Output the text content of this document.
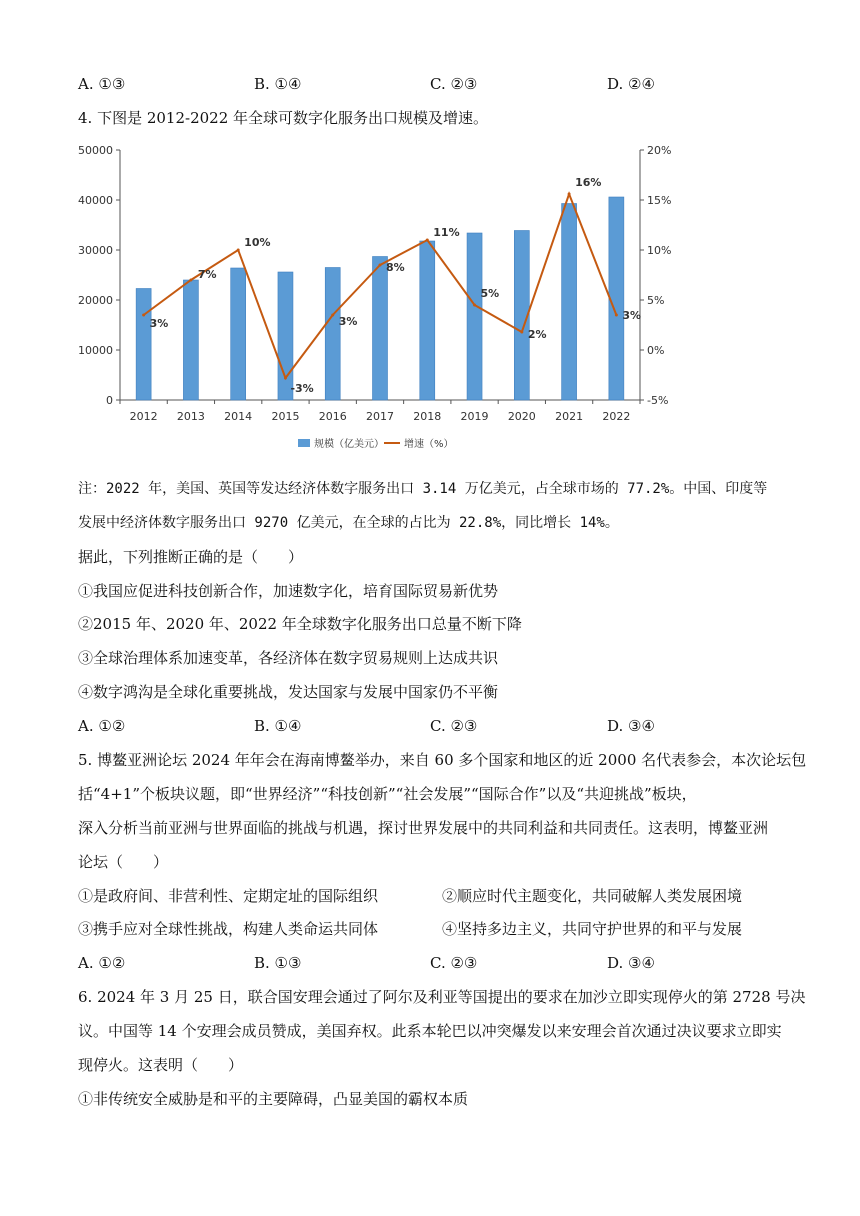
A. ①③	B. ①④	C. ②③	D. ②④
4. 下图是 2012-2022 年全球可数字化服务出口规模及增速。
0
10000
20000
30000
40000
50000
-5%
0%
5%
10%
15%
20%
3%
7%
10%
-3%
3%
8%
11%
5%
2%
16%
3%
2012 2013 2014 2015 2016 2017 2018 2019 2020 2021 2022
规模（亿美元） 增速（%）
注：2022 年，美国、英国等发达经济体数字服务出口 3.14 万亿美元，占全球市场的 77.2%。中国、印度等
发展中经济体数字服务出口 9270 亿美元，在全球的占比为 22.8%，同比增长 14%。
据此，下列推断正确的是（　　）
①我国应促进科技创新合作，加速数字化，培育国际贸易新优势
②2015 年、2020 年、2022 年全球数字化服务出口总量不断下降
③全球治理体系加速变革，各经济体在数字贸易规则上达成共识
④数字鸿沟是全球化重要挑战，发达国家与发展中国家仍不平衡
A. ①②	B. ①④	C. ②③	D. ③④
5. 博鳌亚洲论坛 2024 年年会在海南博鳌举办，来自 60 多个国家和地区的近 2000 名代表参会，本次论坛包
括“4+1”个板块议题，即“世界经济”“科技创新”“社会发展”“国际合作”以及“共迎挑战”板块，
深入分析当前亚洲与世界面临的挑战与机遇，探讨世界发展中的共同利益和共同责任。这表明，博鳌亚洲
论坛（　　）
①是政府间、非营利性、定期定址的国际组织	②顺应时代主题变化，共同破解人类发展困境
③携手应对全球性挑战，构建人类命运共同体	④坚持多边主义，共同守护世界的和平与发展
A. ①②	B. ①③	C. ②③	D. ③④
6. 2024 年 3 月 25 日，联合国安理会通过了阿尔及利亚等国提出的要求在加沙立即实现停火的第 2728 号决
议。中国等 14 个安理会成员赞成，美国弃权。此系本轮巴以冲突爆发以来安理会首次通过决议要求立即实
现停火。这表明（　　）
①非传统安全威胁是和平的主要障碍，凸显美国的霸权本质
